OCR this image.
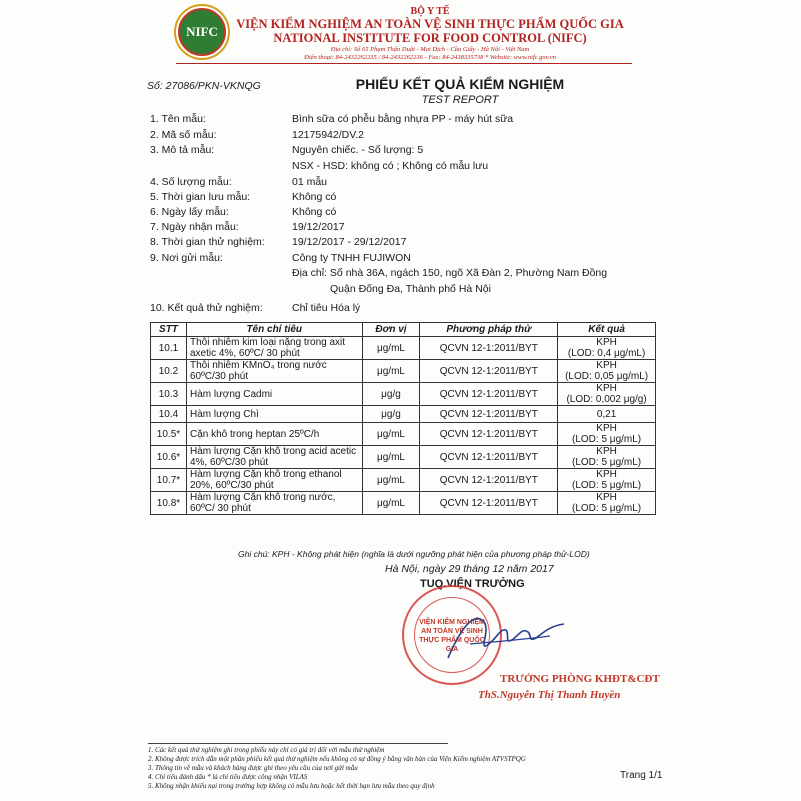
NIFC
BỘ Y TẾ
VIỆN KIỂM NGHIỆM AN TOÀN VỆ SINH THỰC PHẨM QUỐC GIA
NATIONAL INSTITUTE FOR FOOD CONTROL (NIFC)
Địa chỉ: Số 65 Phạm Thận Duật - Mai Dịch - Cầu Giấy - Hà Nội - Việt Nam
Điện thoại: 84-2432262235 / 84-2432262236 - Fax: 84-2438335738 * Website: www.nifc.gov.vn
Số: 27086/PKN-VKNQG	PHIẾU KẾT QUẢ KIỂM NGHIỆM
TEST REPORT
1. Tên mẫu:	Bình sữa có phễu bằng nhựa PP - máy hút sữa
2. Mã số mẫu:	12175942/DV.2
3. Mô tả mẫu:	Nguyên chiếc. - Số lượng: 5
NSX - HSD: không có ; Không có mẫu lưu
4. Số lượng mẫu:	01 mẫu
5. Thời gian lưu mẫu:	Không có
6. Ngày lấy mẫu:	Không có
7. Ngày nhận mẫu:	19/12/2017
8. Thời gian thử nghiệm:	19/12/2017 - 29/12/2017
9. Nơi gửi mẫu:	Công ty TNHH FUJIWON
Địa chỉ: Số nhà 36A, ngách 150, ngõ Xã Đàn 2, Phường Nam Đồng
Quận Đống Đa, Thành phố Hà Nội
10. Kết quả thử nghiệm:	Chỉ tiêu Hóa lý
STT	Tên chỉ tiêu	Đơn vị	Phương pháp thử	Kết quả
10.1	Thôi nhiễm kim loại nặng trong axit axetic 4%, 60ºC/ 30 phút	μg/mL	QCVN 12-1:2011/BYT	KPH
(LOD: 0,4 μg/mL)

10.2	Thôi nhiễm KMnO₄ trong nước 60ºC/30 phút	μg/mL	QCVN 12-1:2011/BYT	KPH
(LOD: 0,05 μg/mL)

10.3	Hàm lượng Cadmi	μg/g	QCVN 12-1:2011/BYT	KPH
(LOD: 0,002 μg/g)

10.4	Hàm lượng Chì	μg/g	QCVN 12-1:2011/BYT	0,21

10.5*	Cặn khô trong heptan 25ºC/h	μg/mL	QCVN 12-1:2011/BYT	KPH
(LOD: 5 μg/mL)

10.6*	Hàm lượng Cặn khô trong acid acetic 4%, 60ºC/30 phút	μg/mL	QCVN 12-1:2011/BYT	KPH
(LOD: 5 μg/mL)

10.7*	Hàm lượng Cặn khô trong ethanol 20%, 60ºC/30 phút	μg/mL	QCVN 12-1:2011/BYT	KPH
(LOD: 5 μg/mL)

10.8*	Hàm lượng Cặn khô trong nước, 60ºC/ 30 phút	μg/mL	QCVN 12-1:2011/BYT	KPH
(LOD: 5 μg/mL)
Ghi chú: KPH - Không phát hiện (nghĩa là dưới ngưỡng phát hiện của phương pháp thử-LOD)
Hà Nội, ngày 29 tháng 12 năm 2017
TUQ.VIỆN TRƯỞNG
VIỆN KIỂM NGHIỆM AN TOÀN VỆ SINH THỰC PHẨM QUỐC GIA
TRƯỞNG PHÒNG KHĐT&CĐT
ThS.Nguyễn Thị Thanh Huyền
1. Các kết quả thử nghiệm ghi trong phiếu này chỉ có giá trị đối với mẫu thử nghiệm
2. Không được trích dẫn một phần phiếu kết quả thử nghiệm nếu không có sự đồng ý bằng văn bản của Viện Kiểm nghiệm ATVSTPQG
3. Thông tin về mẫu và khách hàng được ghi theo yêu cầu của nơi gửi mẫu
4. Chỉ tiêu đánh dấu * là chỉ tiêu được công nhận VILAS
5. Không nhận khiếu nại trong trường hợp không có mẫu lưu hoặc hết thời hạn lưu mẫu theo quy định
Trang 1/1
